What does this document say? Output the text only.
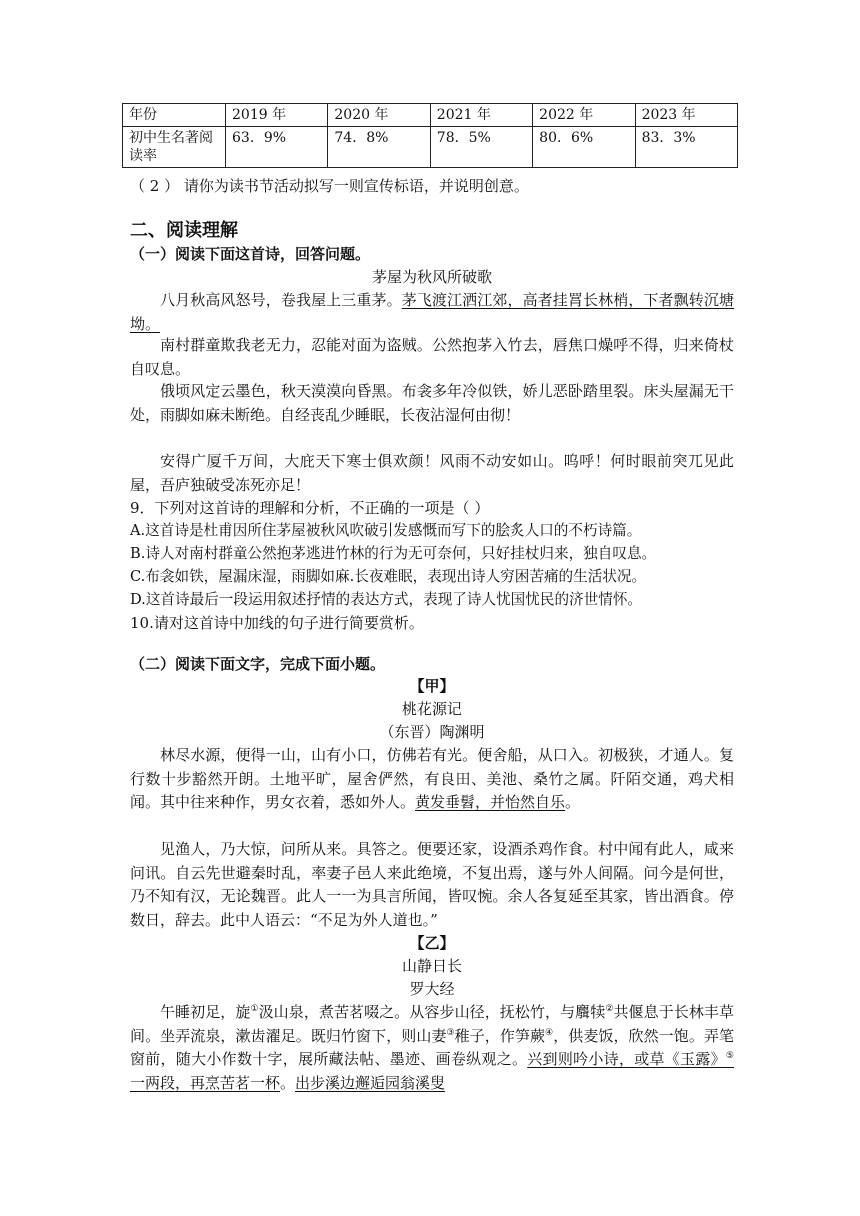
年份	2019 年	2020 年	2021 年	2022 年	2023 年
初中生名著阅读率	63．9%	74．8%	78．5%	80．6%	83．3%
（ 2 ） 请你为读书节活动拟写一则宣传标语，并说明创意。
二、阅读理解
（一）阅读下面这首诗，回答问题。
茅屋为秋风所破歌
八月秋高风怒号，卷我屋上三重茅。茅飞渡江洒江郊，高者挂罥长林梢，下者飘转沉塘坳。
南村群童欺我老无力，忍能对面为盗贼。公然抱茅入竹去，唇焦口燥呼不得，归来倚杖自叹息。
俄顷风定云墨色，秋天漠漠向昏黑。布衾多年冷似铁，娇儿恶卧踏里裂。床头屋漏无干处，雨脚如麻未断绝。自经丧乱少睡眠，长夜沾湿何由彻！
安得广厦千万间，大庇天下寒士俱欢颜！风雨不动安如山。呜呼！何时眼前突兀见此屋，吾庐独破受冻死亦足！
9．下列对这首诗的理解和分析，不正确的一项是（ ）
A.这首诗是杜甫因所住茅屋被秋风吹破引发感慨而写下的脍炙人口的不朽诗篇。
B.诗人对南村群童公然抱茅逃进竹林的行为无可奈何，只好挂杖归来，独自叹息。
C.布衾如铁，屋漏床湿，雨脚如麻.长夜难眠，表现出诗人穷困苦痛的生活状况。
D.这首诗最后一段运用叙述抒情的表达方式，表现了诗人忧国忧民的济世情怀。
10.请对这首诗中加线的句子进行简要赏析。
（二）阅读下面文字，完成下面小题。
【甲】
桃花源记
（东晋）陶渊明
林尽水源，便得一山，山有小口，仿佛若有光。便舍船，从口入。初极狭，才通人。复行数十步豁然开朗。土地平旷，屋舍俨然，有良田、美池、桑竹之属。阡陌交通，鸡犬相闻。其中往来种作，男女衣着，悉如外人。黄发垂髫，并怡然自乐。
见渔人，乃大惊，问所从来。具答之。便要还家，设酒杀鸡作食。村中闻有此人，咸来问讯。自云先世避秦时乱，率妻子邑人来此绝境，不复出焉，遂与外人间隔。问今是何世，乃不知有汉，无论魏晋。此人一一为具言所闻，皆叹惋。余人各复延至其家，皆出酒食。停数日，辞去。此中人语云：“不足为外人道也。”
【乙】
山静日长
罗大经
午睡初足，旋①汲山泉，煮苦茗啜之。从容步山径，抚松竹，与麛犊②共偃息于长林丰草间。坐弄流泉，漱齿濯足。既归竹窗下，则山妻③稚子，作笋蕨④，供麦饭，欣然一饱。弄笔窗前，随大小作数十字，展所藏法帖、墨迹、画卷纵观之。兴到则吟小诗，或草《玉露》⑤一两段，再烹苦茗一杯。出步溪边邂逅园翁溪叟
